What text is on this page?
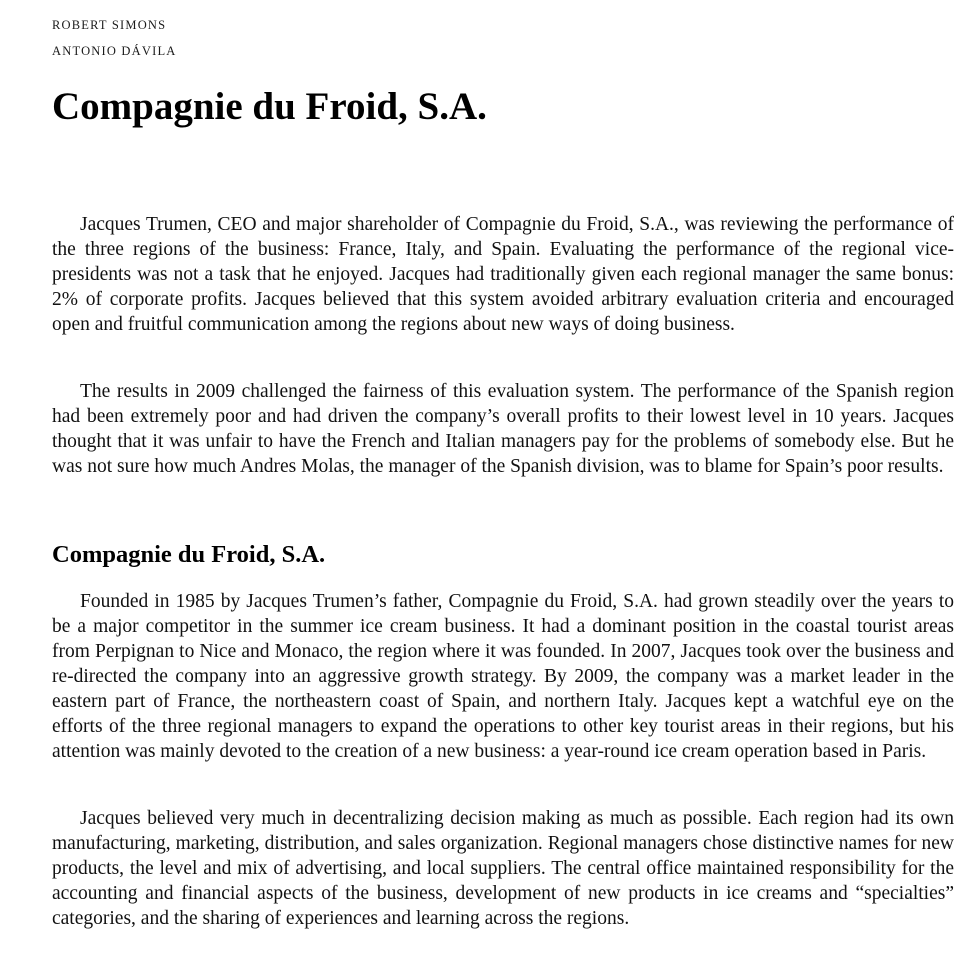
ROBERT SIMONS

ANTONIO DÁVILA

Compagnie du Froid, S.A.

Jacques Trumen, CEO and major shareholder of Compagnie du Froid, S.A., was reviewing the performance of the three regions of the business: France, Italy, and Spain. Evaluating the performance of the regional vice-presidents was not a task that he enjoyed. Jacques had traditionally given each regional manager the same bonus: 2% of corporate profits. Jacques believed that this system avoided arbitrary evaluation criteria and encouraged open and fruitful communication among the regions about new ways of doing business.

The results in 2009 challenged the fairness of this evaluation system. The performance of the Spanish region had been extremely poor and had driven the company’s overall profits to their lowest level in 10 years. Jacques thought that it was unfair to have the French and Italian managers pay for the problems of somebody else. But he was not sure how much Andres Molas, the manager of the Spanish division, was to blame for Spain’s poor results.

Compagnie du Froid, S.A.

Founded in 1985 by Jacques Trumen’s father, Compagnie du Froid, S.A. had grown steadily over the years to be a major competitor in the summer ice cream business. It had a dominant position in the coastal tourist areas from Perpignan to Nice and Monaco, the region where it was founded. In 2007, Jacques took over the business and re-directed the company into an aggressive growth strategy. By 2009, the company was a market leader in the eastern part of France, the northeastern coast of Spain, and northern Italy. Jacques kept a watchful eye on the efforts of the three regional managers to expand the operations to other key tourist areas in their regions, but his attention was mainly devoted to the creation of a new business: a year-round ice cream operation based in Paris.

Jacques believed very much in decentralizing decision making as much as possible. Each region had its own manufacturing, marketing, distribution, and sales organization. Regional managers chose distinctive names for new products, the level and mix of advertising, and local suppliers. The central office maintained responsibility for the accounting and financial aspects of the business, development of new products in ice creams and “specialties” categories, and the sharing of experiences and learning across the regions.
